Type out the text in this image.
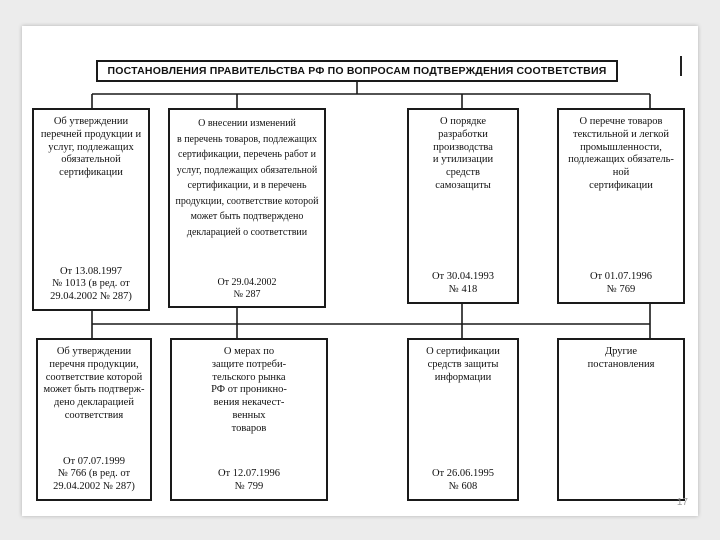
ПОСТАНОВЛЕНИЯ ПРАВИТЕЛЬСТВА РФ ПО ВОПРОСАМ ПОДТВЕРЖДЕНИЯ СООТВЕТСТВИЯ
Об утверждении
перечней продукции и
услуг, подлежащих
обязательной
сертификации
От 13.08.1997
№ 1013 (в ред. от
29.04.2002 № 287)
О внесении изменений
в перечень товаров, подлежащих
сертификации, перечень работ и
услуг, подлежащих обязательной
сертификации, и в перечень
продукции, соответствие которой
может быть подтверждено
декларацией о соответствии
От 29.04.2002
№ 287
О порядке
разработки
производства
и утилизации
средств
самозащиты
От 30.04.1993
№ 418
О перечне товаров
текстильной и легкой
промышленности,
подлежащих обязатель-
ной
сертификации
От 01.07.1996
№ 769
Об утверждении
перечня продукции,
соответствие которой
может быть подтверж-
дено декларацией
соответствия
От 07.07.1999
№ 766 (в ред. от
29.04.2002 № 287)
О мерах по
защите потреби-
тельского рынка
РФ от проникно-
вения некачест-
венных
товаров
От 12.07.1996
№ 799
О сертификации
средств защиты
информации
От 26.06.1995
№ 608
Другие
постановления
17
